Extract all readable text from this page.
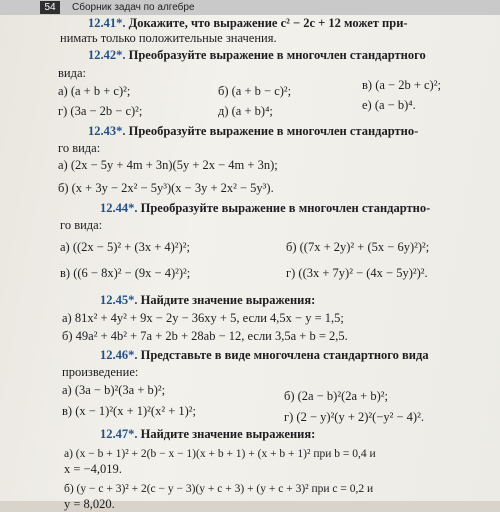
54	Сборник задач по алгебре
12.41*. Докажите, что выражение c² − 2c + 12 может при-
нимать только положительные значения.
12.42*. Преобразуйте выражение в многочлен стандартного
вида:
а) (a + b + c)²;	б) (a + b − c)²;	в) (a − 2b + c)²;
г) (3a − 2b − c)²;	д) (a + b)⁴;	е) (a − b)⁴.
12.43*. Преобразуйте выражение в многочлен стандартно-
го вида:
а) (2x − 5y + 4m + 3n)(5y + 2x − 4m + 3n);
б) (x + 3y − 2x² − 5y³)(x − 3y + 2x² − 5y³).
12.44*. Преобразуйте выражение в многочлен стандартно-
го вида:
а) ((2x − 5)² + (3x + 4)²)²;	б) ((7x + 2y)² + (5x − 6y)²)²;
в) ((6 − 8x)² − (9x − 4)²)²;	г) ((3x + 7y)² − (4x − 5y)²)².
12.45*. Найдите значение выражения:
а) 81x² + 4y² + 9x − 2y − 36xy + 5, если 4,5x − y = 1,5;
б) 49a² + 4b² + 7a + 2b + 28ab − 12, если 3,5a + b = 2,5.
12.46*. Представьте в виде многочлена стандартного вида
произведение:
а) (3a − b)²(3a + b)²;	б) (2a − b)²(2a + b)²;
в) (x − 1)²(x + 1)²(x² + 1)²;	г) (2 − y)²(y + 2)²(−y² − 4)².
12.47*. Найдите значение выражения:
а) (x − b + 1)² + 2(b − x − 1)(x + b + 1) + (x + b + 1)² при b = 0,4 и
x = −4,019.
б) (y − c + 3)² + 2(c − y − 3)(y + c + 3) + (y + c + 3)² при c = 0,2 и
y = 8,020.
